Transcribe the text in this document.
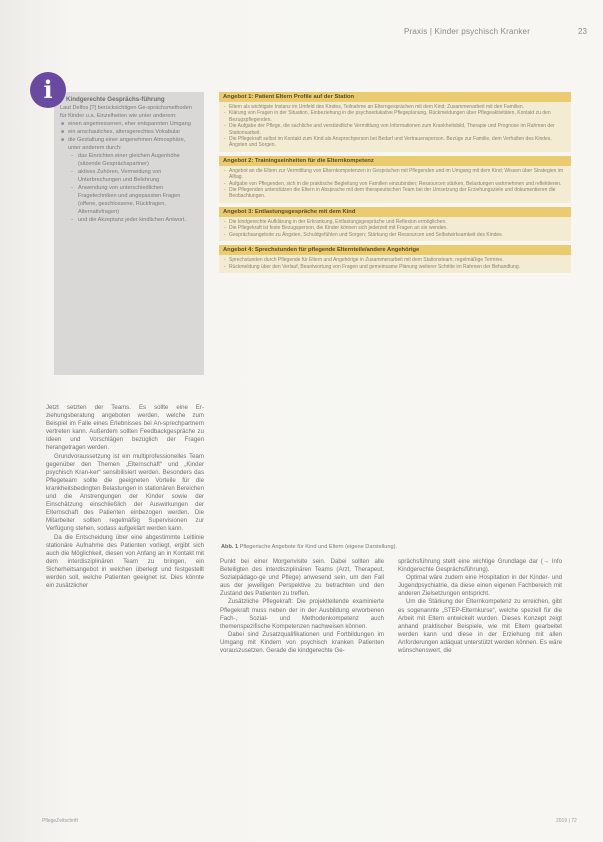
Praxis | Kinder psychisch Kranker	23
Kindgerechte Gesprächs-führung
Laut Delfos [?] berücksichtigen Ge-sprächsmethoden für Kinder u.a. Einzelheiten wie unter anderem:
■ einen angemessenen, eher entspannten Umgang
■ ein anschauliches, altersgerechtes Vokabular
■ die Gestaltung einer angenehmen Atmosphäre, unter anderem durch:
- das Einrichten einer gleichen Augenhöhe (sitzende Gesprächspartner)
- aktives Zuhören, Vermeidung von Unterbrechungen und Belehrung
- Anwendung von unterschiedlichen Fragetechniken und angepassten Fragen (offene, geschlossene, Rückfragen, Alternativfragen)
- und die Akzeptanz jeder kindlichen Antwort.
i	Angebot 1: Patient Eltern Profile auf der Station
- Eltern als wichtigste Instanz im Umfeld des Kindes, Teilnahme an Elterngesprächen mit dem Kind; Zusammenarbeit mit den Familien.
- Klärung von Fragen in der Situation, Einbeziehung in die psychoedukative Pflegeplanung, Rückmeldungen über Pflegeaktivitäten, Kontakt zu den Bezugspflegenden.
- Die Aufgabe der Pflege, die sachliche und verständliche Vermittlung von Informationen zum Krankheitsbild, Therapie und Prognose im Rahmen der Stationsarbeit.
- Die Pflegekraft selbst im Kontakt zum Kind als Ansprechperson bei Bedarf und Vertrauensperson. Bezüge zur Familie, dem Verhalten des Kindes, Ängsten und Sorgen.
Angebot 2: Trainingseinheiten für die Elternkompetenz
- Angebot an die Eltern zur Vermittlung von Elternkompetenzen in Gesprächen mit Pflegenden und im Umgang mit dem Kind; Wissen über Strategien im Alltag.
- Aufgabe von Pflegenden, sich in die praktische Begleitung von Familien einzubinden; Ressourcen stärken, Belastungen wahrnehmen und reflektieren.
- Die Pflegenden unterstützen die Eltern in Absprache mit dem therapeutischen Team bei der Umsetzung der Erziehungsziele und dokumentieren die Beobachtungen.
Angebot 3: Entlastungsgespräche mit dem Kind
- Die kindgerechte Aufklärung in der Erkrankung, Entlastungsgespräche und Reflexion ermöglichen.
- Die Pflegekraft ist feste Bezugsperson, die Kinder können sich jederzeit mit Fragen an sie wenden.
- Gesprächsangebote zu Ängsten, Schuldgefühlen und Sorgen; Stärkung der Ressourcen und Selbstwirksamkeit des Kindes.
Angebot 4: Sprechstunden für pflegende Elternteile/andere Angehörige
- Sprechstunden durch Pflegende für Eltern und Angehörige in Zusammenarbeit mit dem Stationsteam; regelmäßige Termine.
- Rückmeldung über den Verlauf, Beantwortung von Fragen und gemeinsame Planung weiterer Schritte im Rahmen der Behandlung.
Abb. 1 Pflegerische Angebote für Kind und Eltern (eigene Darstellung).

Jetzt setzten der Teams. Es sollte eine Er-ziehungsberatung angeboten werden, welche zum Beispiel im Falle eines Erlebnisses bei An-sprechpartnern vertreten kann. Außerdem sollten Feedbackgespräche zu Ideen und Vorschlägen bezüglich der Fragen herangetragen werden.

Grundvoraussetzung ist ein multiprofessionelles Team gegenüber den Themen „Elternschaft“ und „Kinder psychisch Kran-ker“ sensibilisiert werden. Besonders das Pflegeteam sollte die geeigneten Vorteile für die krankheitsbedingten Belastungen in stationären Bereichen und die Anstrengungen der Kinder sowie der Einschätzung einschließlich der Auswirkungen der Elternschaft des Patienten einbezogen werden. Die Mitarbeiter sollten regelmäßig Supervisionen zur Verfügung stehen, sodass aufgeklärt werden kann.

Da die Entscheidung über eine abgestimmte Leitlinie stationäre Aufnahme des Patienten vorliegt, ergibt sich auch die Möglichkeit, diesen von Anfang an in Kontakt mit dem interdisziplinären Team zu bringen, ein Sicherheitsangebot in welchen überlegt und festgestellt werden soll, welche Patienten geeignet ist. Dies könnte ein zusätzlicher

Punkt bei einer Morgenvisite sein. Dabei sollten alle Beteiligten des interdisziplinären Teams (Arzt, Therapeut, Sozialpädago-ge und Pflege) anwesend sein, um den Fall aus der jeweiligen Perspektive zu betrachten und den Zustand des Patienten zu treffen.

Zusätzliche Pflegekraft: Die projektleitende examinierte Pflegekraft muss neben der in der Ausbildung erworbenen Fach-, Sozial- und Methodenkompetenz auch themenspezifische Kompetenzen nachweisen können.

Dabei sind Zusatzqualifikationen und Fortbildungen im Umgang mit Kindern von psychisch kranken Patienten vorauszusetzen. Gerade die kindgerechte Ge-

sprächsführung stellt eine wichtige Grundlage dar (→ Info Kindgerechte Gesprächsführung).

Optimal wäre zudem eine Hospitation in der Kinder- und Jugendpsychiatrie, da diese einen eigenen Fachbereich mit anderen Zielsetzungen entspricht.

Um die Stärkung der Elternkompetenz zu erreichen, gibt es sogenannte „STEP-Elternkurse“, welche speziell für die Arbeit mit Eltern entwickelt wurden. Dieses Konzept zeigt anhand praktischer Beispiele, wie mit Eltern gearbeitet werden kann und diese in der Erziehung mit allen Anforderungen adäquat unterstützt werden können. Es wäre wünschenswert, die

PflegeZeitschrift	2019 | 72
